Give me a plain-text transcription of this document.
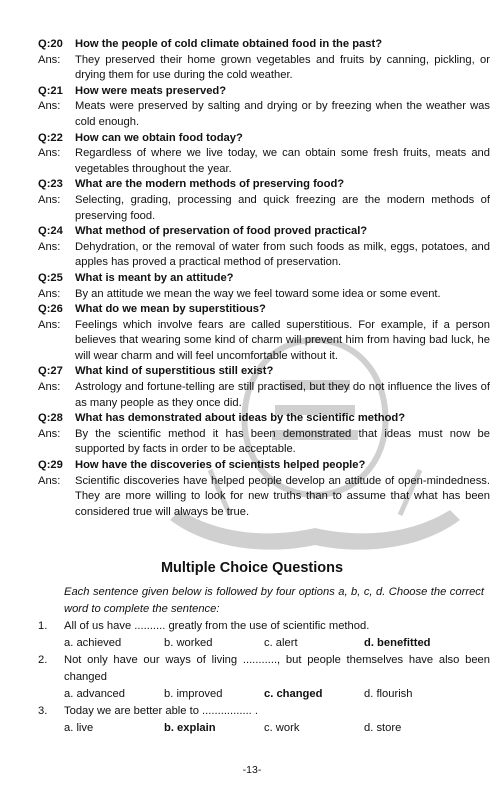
Q:20	How the people of cold climate obtained food in the past?
Ans:	They preserved their home grown vegetables and fruits by canning, pickling, or drying them for use during the cold weather.
Q:21	How were meats preserved?
Ans:	Meats were preserved by salting and drying or by freezing when the weather was cold enough.
Q:22	How can we obtain food today?
Ans:	Regardless of where we live today, we can obtain some fresh fruits, meats and vegetables throughout the year.
Q:23	What are the modern methods of preserving food?
Ans:	Selecting, grading, processing and quick freezing are the modern methods of preserving food.
Q:24	What method of preservation of food proved practical?
Ans:	Dehydration, or the removal of water from such foods as milk, eggs, potatoes, and apples has proved a practical method of preservation.
Q:25	What is meant by an attitude?
Ans:	By an attitude we mean the way we feel toward some idea or some event.
Q:26	What do we mean by superstitious?
Ans:	Feelings which involve fears are called superstitious. For example, if a person believes that wearing some kind of charm will prevent him from having bad luck, he will wear charm and will feel uncomfortable without it.
Q:27	What kind of superstitious still exist?
Ans:	Astrology and fortune-telling are still practised, but they do not influence the lives of as many people as they once did.
Q:28	What has demonstrated about ideas by the scientific method?
Ans:	By the scientific method it has been demonstrated that ideas must now be supported by facts in order to be acceptable.
Q:29	How have the discoveries of scientists helped people?
Ans:	Scientific discoveries have helped people develop an attitude of open-mindedness. They are more willing to look for new truths than to assume that what has been considered true will always be true.
Multiple Choice Questions
Each sentence given below is followed by four options a, b, c, d. Choose the correct word to complete the sentence:
1.	All of us have .......... greatly from the use of scientific method.
a. achieved	b. worked	c. alert	d. benefitted
2.	Not only have our ways of living ..........., but people themselves have also been changed
a. advanced	b. improved	c. changed	d. flourish
3.	Today we are better able to ................ .
a. live	b. explain	c. work	d. store
-13-
